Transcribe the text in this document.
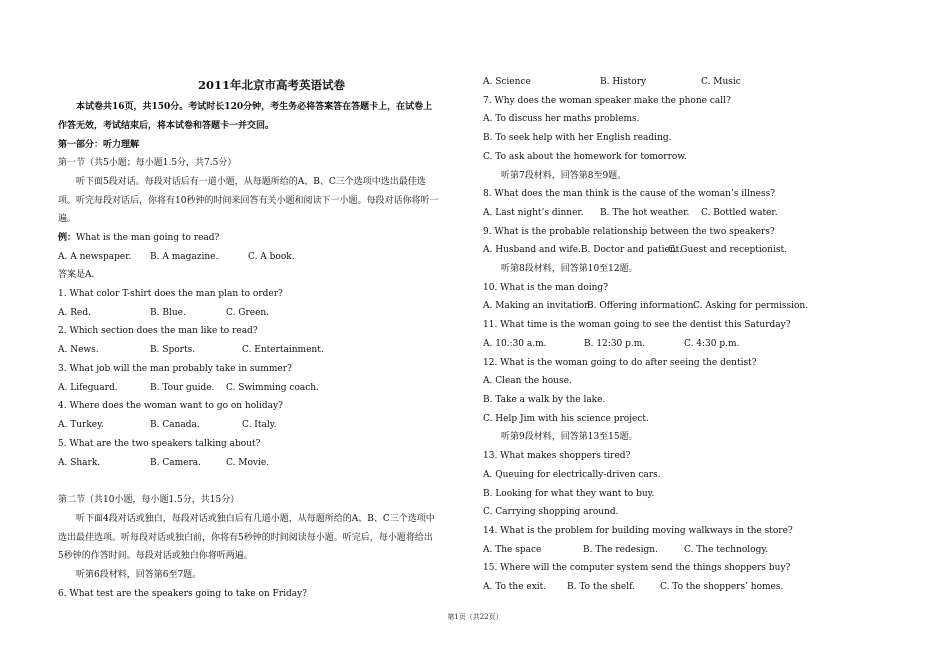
2011年北京市高考英语试卷
本试卷共16页，共150分。考试时长120分钟，考生务必将答案答在答题卡上，在试卷上
作答无效，考试结束后，将本试卷和答题卡一并交回。
第一部分：听力理解
第一节（共5小题；每小题1.5分，共7.5分）
听下面5段对话。每段对话后有一道小题，从每题所给的A、B、C三个选项中选出最佳选
项。听完每段对话后，你将有10秒钟的时间来回答有关小题和阅读下一小题。每段对话你将听一
遍。
例：What is the man going to read?
A. A newspaper. B. A magazine.	C. A book.
答案是A.
1. What color T-shirt does the man plan to order?
A. Red.	B. Blue.	C. Green.
2. Which section does the man like to read?
A. News.	B. Sports.	C. Entertainment.
3. What job will the man probably take in summer?
A. Lifeguard.	B. Tour guide. C. Swimming coach.
4. Where does the woman want to go on holiday?
A. Turkey.	B. Canada.	C. Italy.
5. What are the two speakers talking about?
A. Shark.	B. Camera.	C. Movie.
第二节（共10小题，每小题1.5分，共15分）
听下面4段对话或独白，每段对话或独白后有几道小题，从每题所给的A、B、C三个选项中
选出最佳选项。听每段对话或独白前，你将有5秒钟的时间阅读每小题。听完后，每小题将给出
5秒钟的作答时间。每段对话或独白你将听两遍。
听第6段材料，回答第6至7题。
6. What test are the speakers going to take on Friday?
A. Science	B. History	C. Music
7. Why does the woman speaker make the phone call?
A. To discuss her maths problems.
B. To seek help with her English reading.
C. To ask about the homework for tomorrow.
听第7段材料，回答第8至9题。
8. What does the man think is the cause of the woman’s illness?
A. Last night’s dinner. B. The hot weather. C. Bottled water.
9. What is the probable relationship between the two speakers?
A. Husband and wife.B. Doctor and patient.
C. Guest and receptionist.
听第8段材料，回答第10至12题。
10. What is the man doing?
A. Making an invitation.
B. Offering information.
C. Asking for permission.
11. What time is the woman going to see the dentist this Saturday?
A. 10.:30 a.m.	B. 12:30 p.m.	C. 4:30 p.m.
12. What is the woman going to do after seeing the dentist?
A. Clean the house.
B. Take a walk by the lake.
C. Help Jim with his science project.
听第9段材料，回答第13至15题。
13. What makes shoppers tired?
A. Queuing for electrically-driven cars.
B. Looking for what they want to buy.
C. Carrying shopping around.
14. What is the problem for building moving walkways in the store?
A. The space	B. The redesign.	C. The technology.
15. Where will the computer system send the things shoppers buy?
A. To the exit. B. To the shelf.	C. To the shoppers’ homes.
第1页（共22页）
